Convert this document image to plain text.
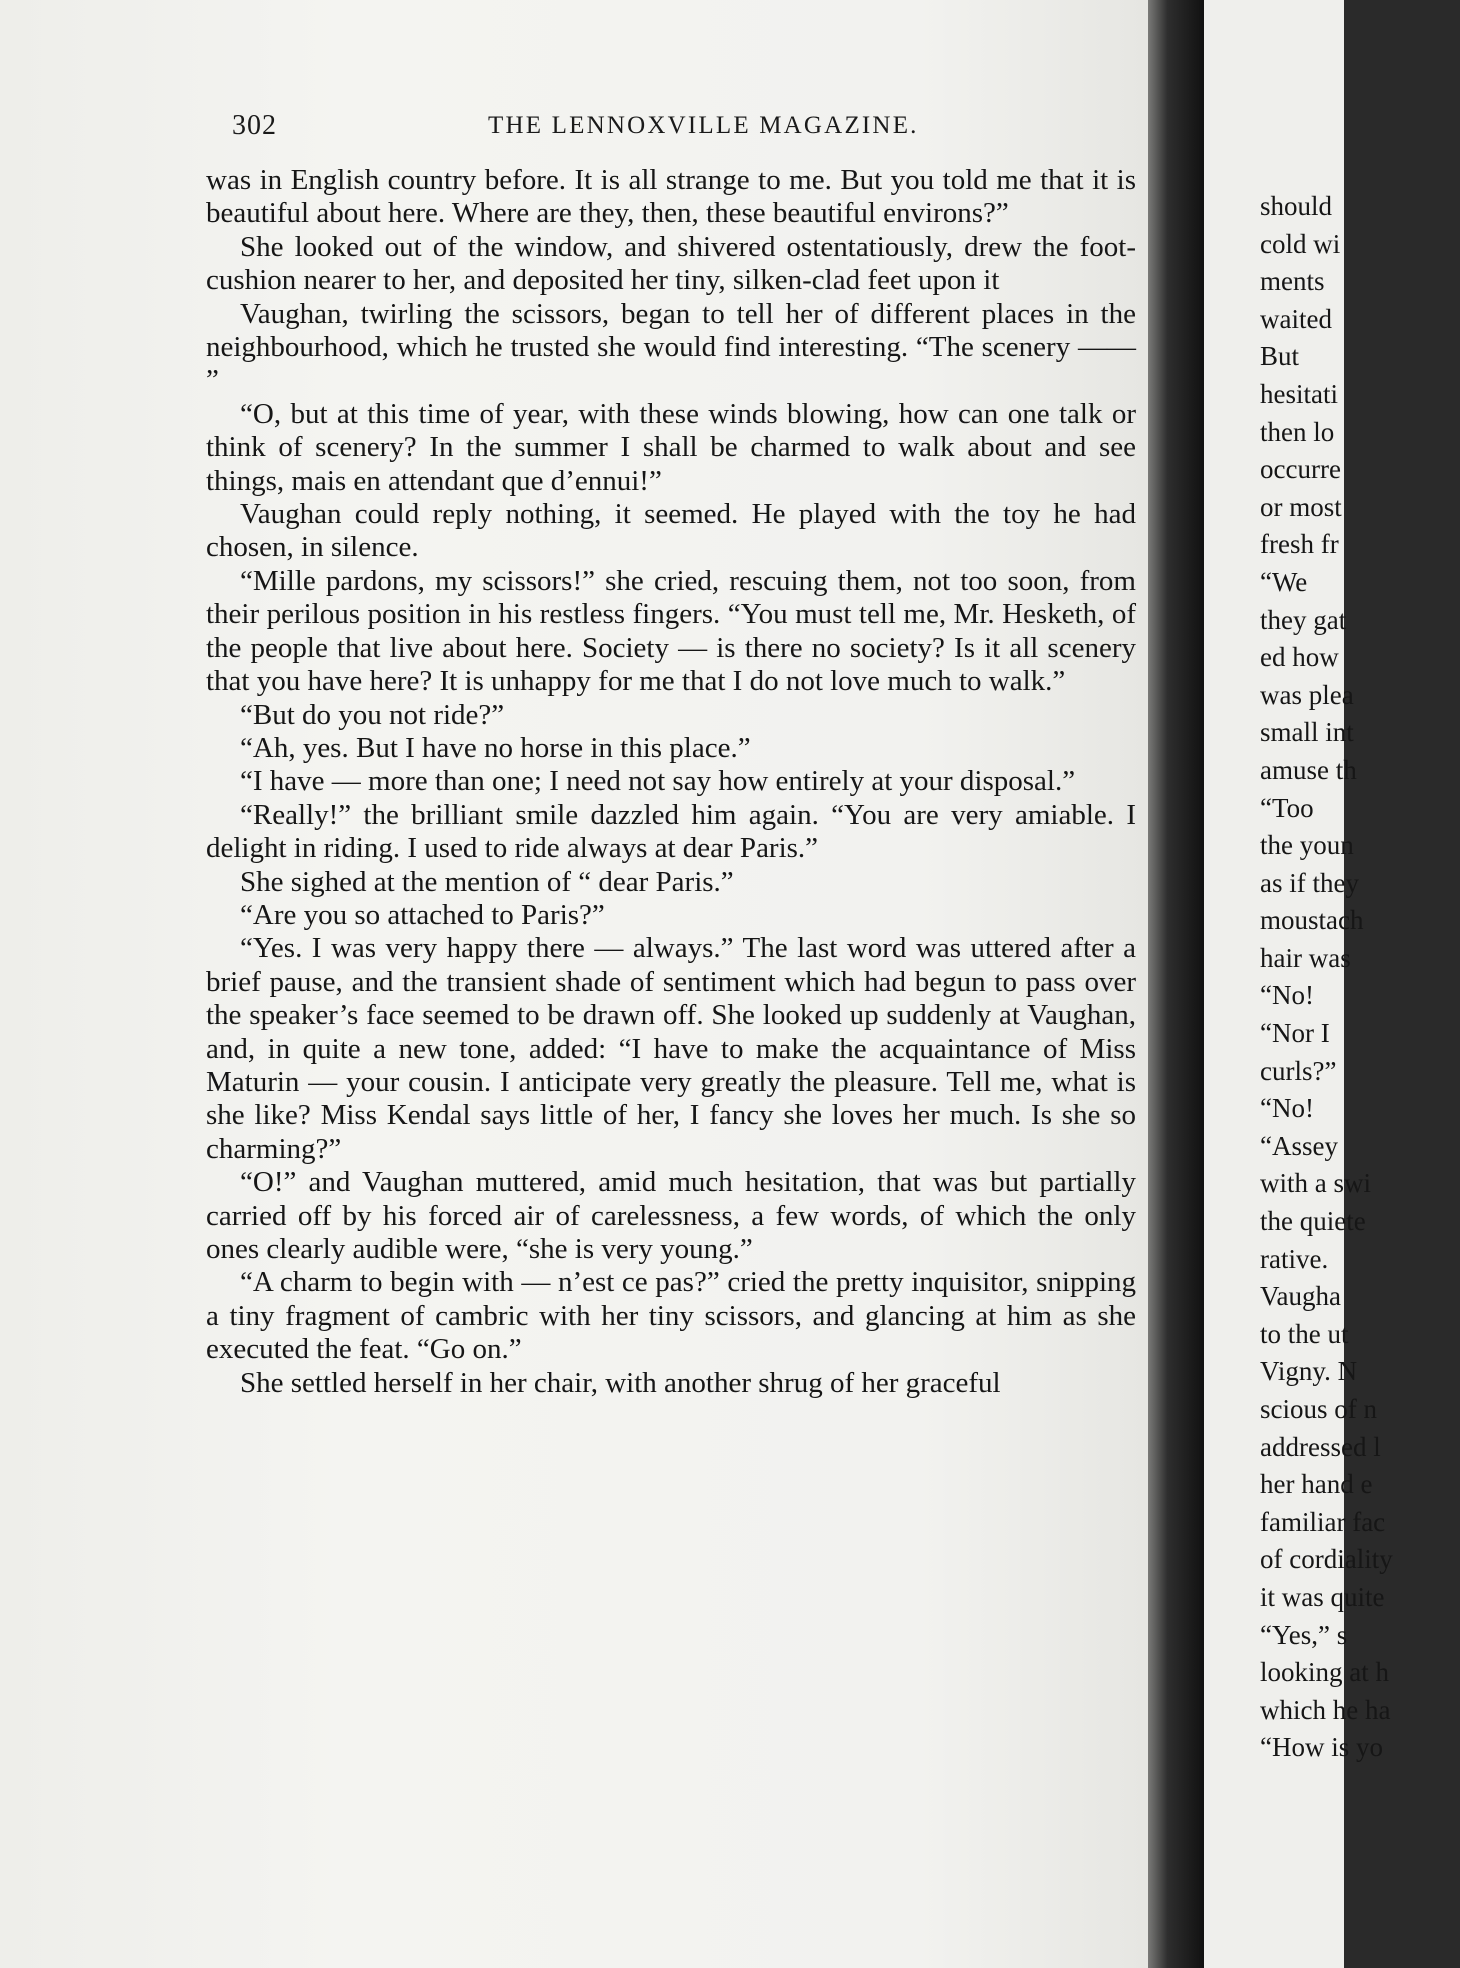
302	THE LENNOXVILLE MAGAZINE.

was in English country before. It is all strange to me. But you told me that it is beautiful about here. Where are they, then, these beautiful environs?”

She looked out of the window, and shivered ostentatiously, drew the foot-cushion nearer to her, and deposited her tiny, silken-clad feet upon it

Vaughan, twirling the scissors, began to tell her of different places in the neighbourhood, which he trusted she would find interesting. “The scenery —— ”

“O, but at this time of year, with these winds blowing, how can one talk or think of scenery? In the summer I shall be charmed to walk about and see things, mais en attendant que d’ennui!”

Vaughan could reply nothing, it seemed. He played with the toy he had chosen, in silence.

“Mille pardons, my scissors!” she cried, rescuing them, not too soon, from their perilous position in his restless fingers. “You must tell me, Mr. Hesketh, of the people that live about here. Society — is there no society? Is it all scenery that you have here? It is unhappy for me that I do not love much to walk.”

“But do you not ride?”

“Ah, yes. But I have no horse in this place.”

“I have — more than one; I need not say how entirely at your disposal.”

“Really!” the brilliant smile dazzled him again. “You are very amiable. I delight in riding. I used to ride always at dear Paris.”

She sighed at the mention of “ dear Paris.”

“Are you so attached to Paris?”

“Yes. I was very happy there — always.” The last word was uttered after a brief pause, and the transient shade of sentiment which had begun to pass over the speaker’s face seemed to be drawn off. She looked up suddenly at Vaughan, and, in quite a new tone, added: “I have to make the acquaintance of Miss Maturin — your cousin. I anticipate very greatly the pleasure. Tell me, what is she like? Miss Kendal says little of her, I fancy she loves her much. Is she so charming?”

“O!” and Vaughan muttered, amid much hesitation, that was but partially carried off by his forced air of carelessness, a few words, of which the only ones clearly audible were, “she is very young.”

“A charm to begin with — n’est ce pas?” cried the pretty inquisitor, snipping a tiny fragment of cambric with her tiny scissors, and glancing at him as she executed the feat. “Go on.”

She settled herself in her chair, with another shrug of her graceful

should
cold wi
ments
waited
But
hesitati
then lo
occurre
or most
fresh fr
“We
they gat
ed how
was plea
small int
amuse th
“Too
the youn
as if they
moustach
hair was
“No!
“Nor I
curls?”
“No!
“Assey
with a swi
the quiete
rative.
Vaugha
to the ut
Vigny. N
scious of n
addressed l
her hand e
familiar fac
of cordiality
it was quite
“Yes,” s
looking at h
which he ha
“How is yo
